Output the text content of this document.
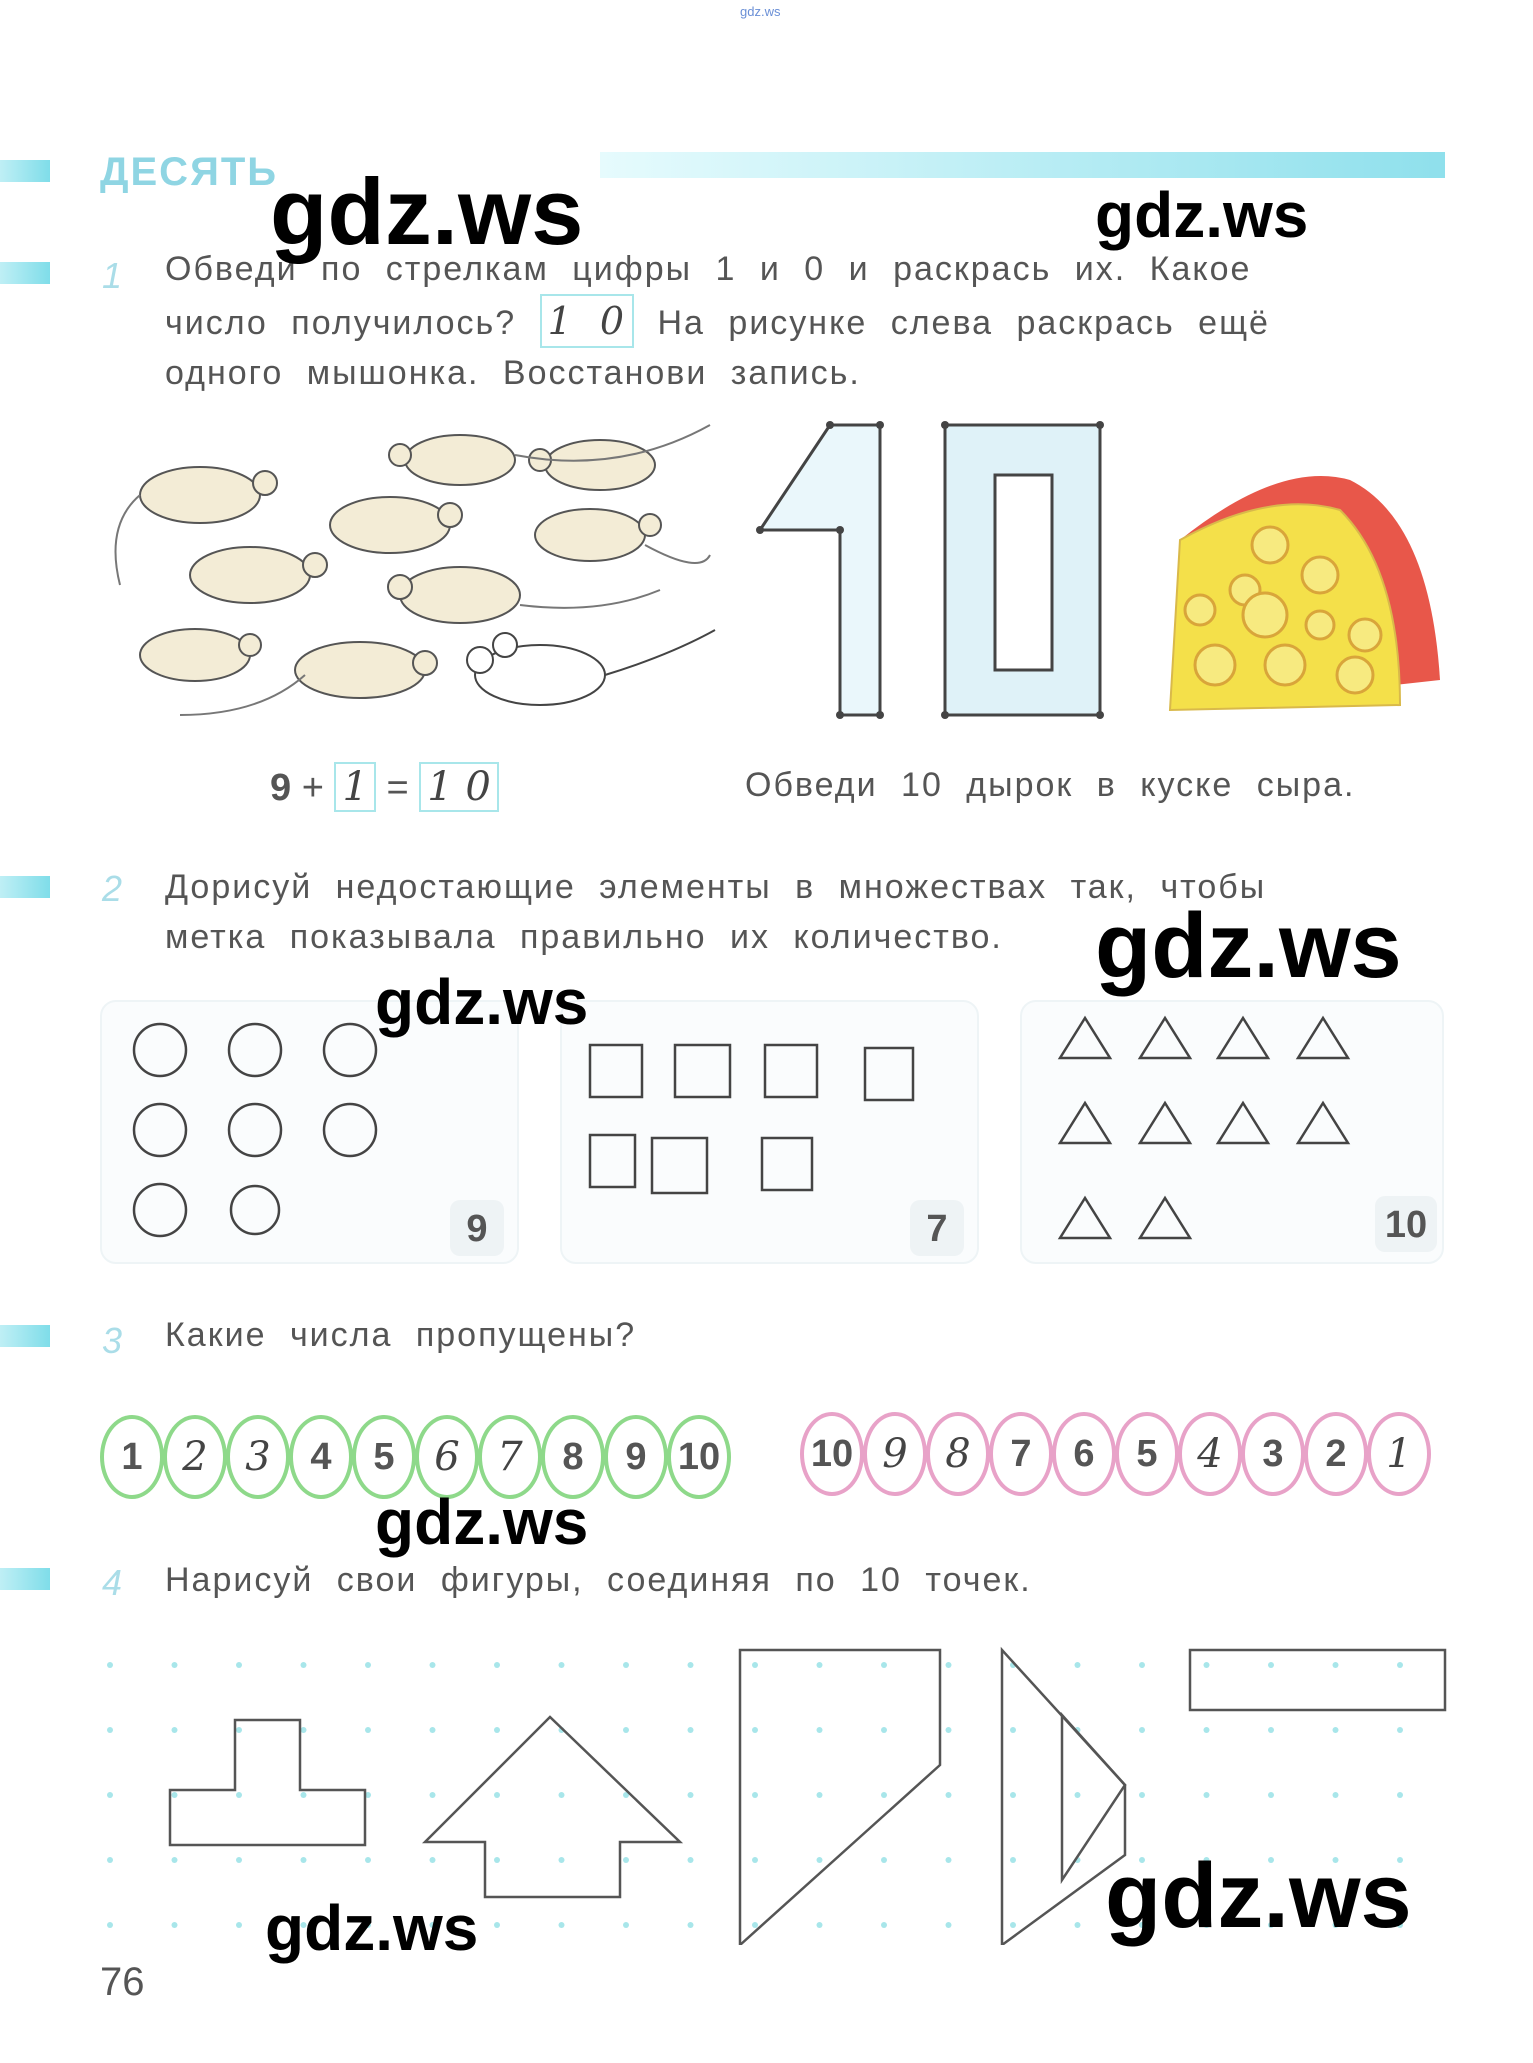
gdz.ws
ДЕСЯТЬ
1 Обведи по стрелкам цифры 1 и 0 и раскрась их. Какое
число получилось? 1 0 На рисунке слева раскрась ещё
одного мышонка. Восстанови запись.
9 + 1 = 1 0	Обведи 10 дырок в куске сыра.
2 Дорисуй недостающие элементы в множествах так, чтобы
метка показывала правильно их количество.
9	7	10
3 Какие числа пропущены?
1 2 3	4	5 6 7	8	9 10 10 9 8	7	6	5 4	3	2 1
4 Нарисуй свои фигуры, соединяя по 10 точек.
gdz.ws	gdz.ws
gdz.ws
gdz.ws
gdz.ws
gdz.ws	gdz.ws
76
